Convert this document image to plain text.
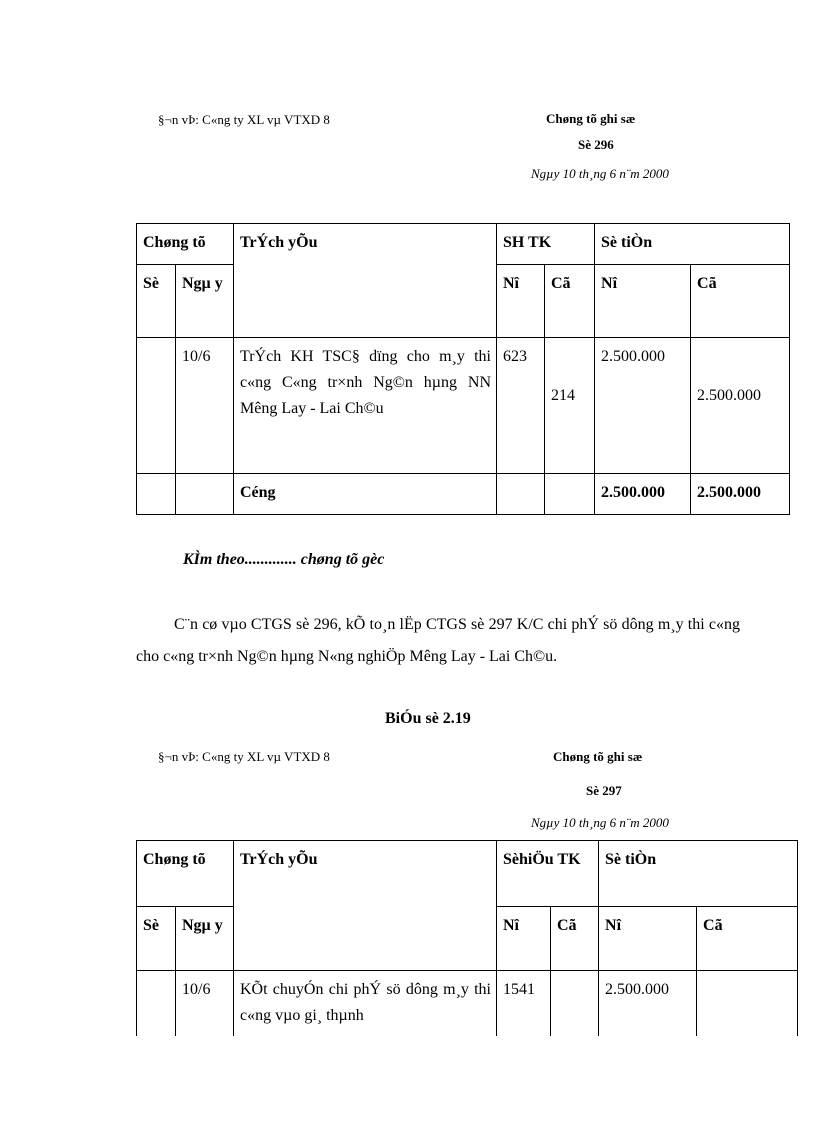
§¬n vÞ: C«ng ty XL vµ VTXD 8	Chøng tõ ghi sæ
Sè 296
Ngµy 10 th¸ng 6 n¨m 2000
Chøng tõ		TrÝch yÕu	SH TK		Sè tiÒn	
Sè	Ngµ y		Nî	Cã	Nî	Cã
	10/6	TrÝch KH TSC§ dïng cho m¸y thi c«ng C«ng tr×nh Ng©n hµng NN Mêng Lay - Lai Ch©u	623	214	2.500.000	2.500.000
		Céng			2.500.000	2.500.000
KÌm theo............. chøng tõ gèc
C¨n cø vµo CTGS sè 296, kÕ to¸n lËp CTGS sè 297 K/C chi phÝ sö dông m¸y thi c«ng cho c«ng tr×nh Ng©n hµng N«ng nghiÖp Mêng Lay - Lai Ch©u.
BiÓu sè 2.19
§¬n vÞ: C«ng ty XL vµ VTXD 8	Chøng tõ ghi sæ
Sè 297
Ngµy 10 th¸ng 6 n¨m 2000
Chøng tõ		TrÝch yÕu	SèhiÖu TK		Sè tiÒn	
Sè	Ngµ y		Nî	Cã	Nî	Cã
	10/6	KÕt chuyÓn chi phÝ sö dông m¸y thi c«ng vµo gi¸ thµnh	1541		2.500.000	
